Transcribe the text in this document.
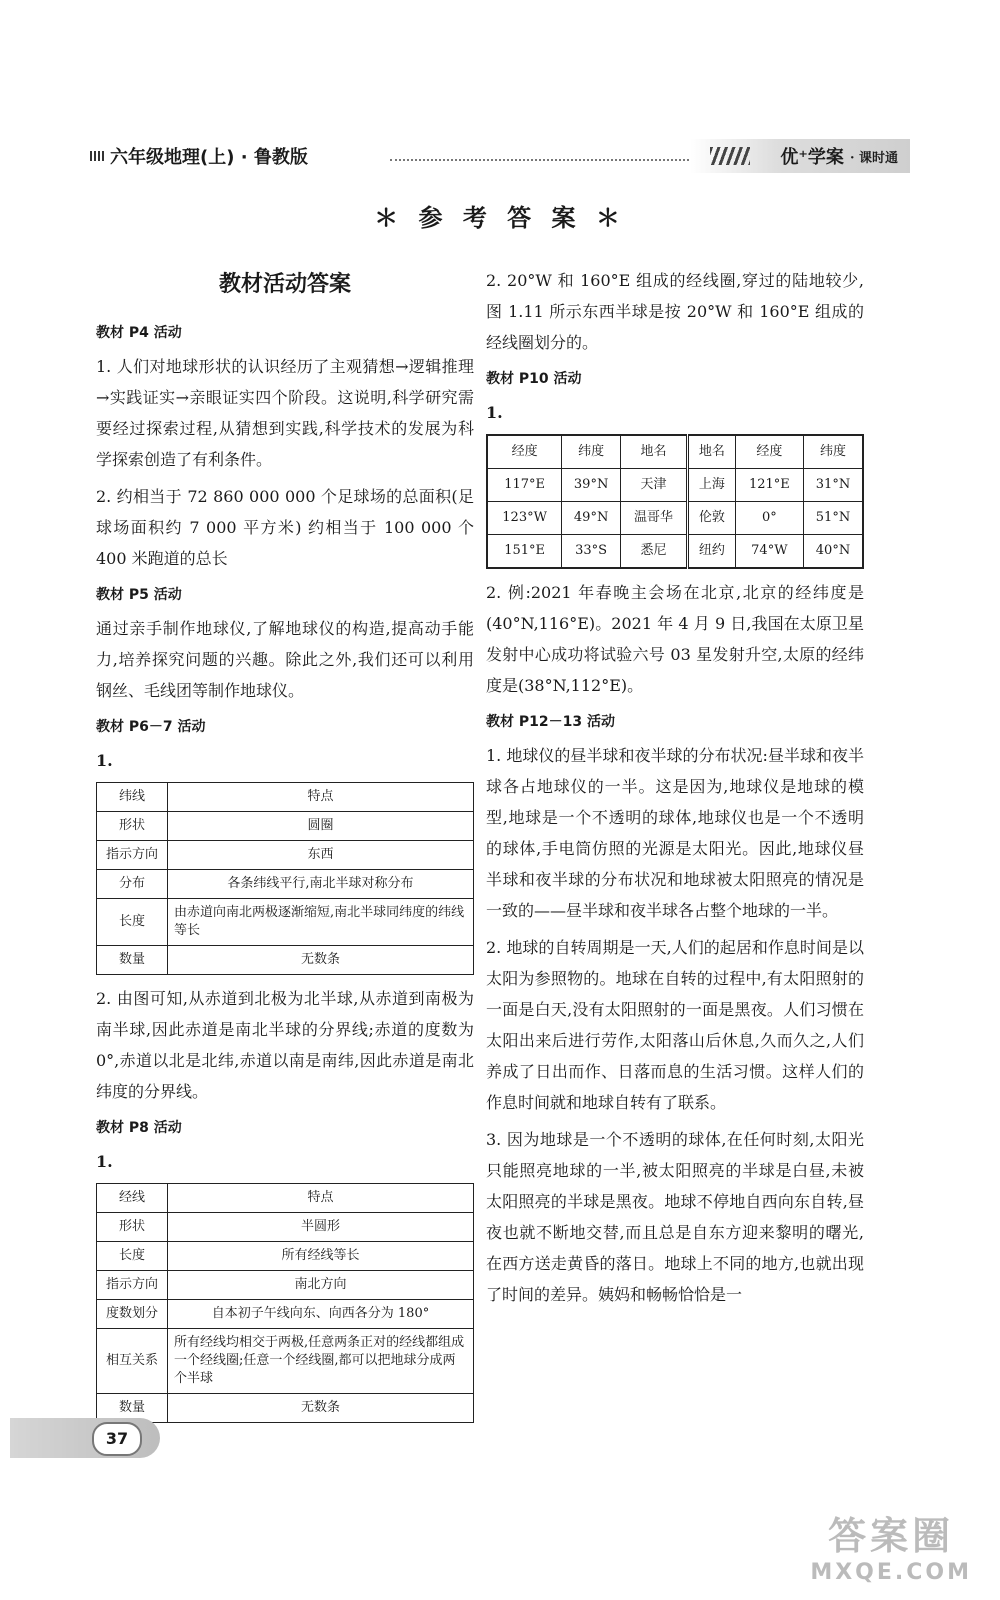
六年级地理(上) · 鲁教版	优⁺学案 · 课时通
＊ 参 考 答 案 ＊
教材活动答案
教材 P4 活动

1. 人们对地球形状的认识经历了主观猜想→逻辑推理→实践证实→亲眼证实四个阶段。这说明,科学研究需要经过探索过程,从猜想到实践,科学技术的发展为科学探索创造了有利条件。

2. 约相当于 72 860 000 000 个足球场的总面积(足球场面积约 7 000 平方米) 约相当于 100 000 个 400 米跑道的总长

教材 P5 活动

通过亲手制作地球仪,了解地球仪的构造,提高动手能力,培养探究问题的兴趣。除此之外,我们还可以利用钢丝、毛线团等制作地球仪。

教材 P6－7 活动
1.
纬线	特点
形状	圆圈
指示方向	东西
分布	各条纬线平行,南北半球对称分布
长度	由赤道向南北两极逐渐缩短,南北半球同纬度的纬线等长
数量	无数条

2. 由图可知,从赤道到北极为北半球,从赤道到南极为南半球,因此赤道是南北半球的分界线;赤道的度数为 0°,赤道以北是北纬,赤道以南是南纬,因此赤道是南北纬度的分界线。

教材 P8 活动
1.
经线	特点
形状	半圆形
长度	所有经线等长
指示方向	南北方向
度数划分	自本初子午线向东、向西各分为 180°
相互关系	所有经线均相交于两极,任意两条正对的经线都组成一个经线圈;任意一个经线圈,都可以把地球分成两个半球
数量	无数条

2. 20°W 和 160°E 组成的经线圈,穿过的陆地较少,图 1.11 所示东西半球是按 20°W 和 160°E 组成的经线圈划分的。

教材 P10 活动
1.
经度	纬度	地名	地名	经度	纬度
117°E	39°N	天津	上海	121°E	31°N
123°W	49°N	温哥华	伦敦	0°	51°N
151°E	33°S	悉尼	纽约	74°W	40°N

2. 例:2021 年春晚主会场在北京,北京的经纬度是(40°N,116°E)。2021 年 4 月 9 日,我国在太原卫星发射中心成功将试验六号 03 星发射升空,太原的经纬度是(38°N,112°E)。

教材 P12－13 活动

1. 地球仪的昼半球和夜半球的分布状况:昼半球和夜半球各占地球仪的一半。这是因为,地球仪是地球的模型,地球是一个不透明的球体,地球仪也是一个不透明的球体,手电筒仿照的光源是太阳光。因此,地球仪昼半球和夜半球的分布状况和地球被太阳照亮的情况是一致的——昼半球和夜半球各占整个地球的一半。

2. 地球的自转周期是一天,人们的起居和作息时间是以太阳为参照物的。地球在自转的过程中,有太阳照射的一面是白天,没有太阳照射的一面是黑夜。人们习惯在太阳出来后进行劳作,太阳落山后休息,久而久之,人们养成了日出而作、日落而息的生活习惯。这样人们的作息时间就和地球自转有了联系。

3. 因为地球是一个不透明的球体,在任何时刻,太阳光只能照亮地球的一半,被太阳照亮的半球是白昼,未被太阳照亮的半球是黑夜。地球不停地自西向东自转,昼夜也就不断地交替,而且总是自东方迎来黎明的曙光,在西方送走黄昏的落日。地球上不同的地方,也就出现了时间的差异。姨妈和畅畅恰恰是一

37
答案圈
MXQE.COM
